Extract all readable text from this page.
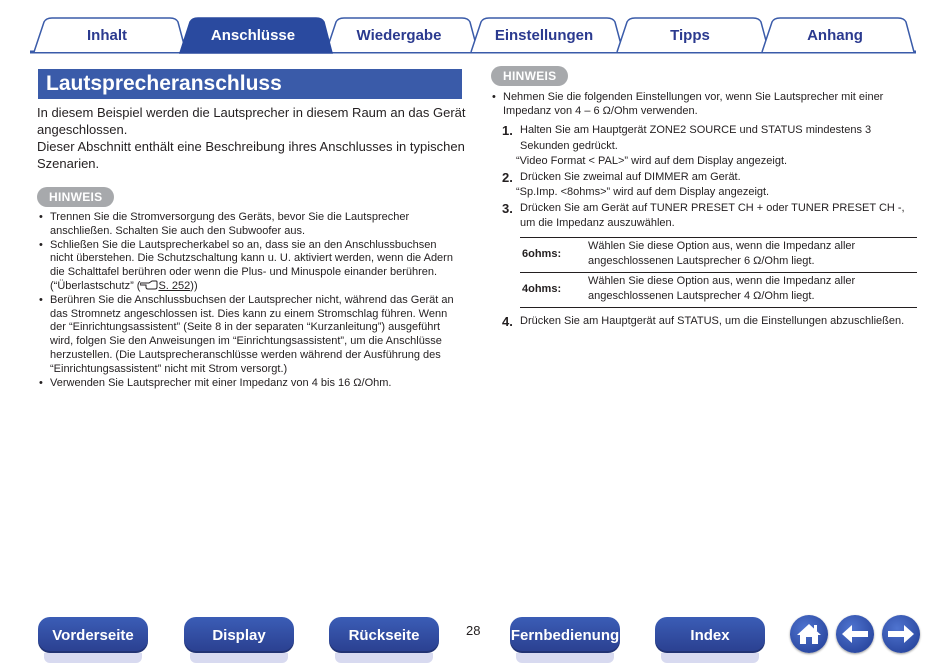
Inhalt	Anschlüsse	Wiedergabe	Einstellungen	Tipps	Anhang
Lautsprecheranschluss

In diesem Beispiel werden die Lautsprecher in diesem Raum an das Gerät angeschlossen.

Dieser Abschnitt enthält eine Beschreibung ihres Anschlusses in typischen Szenarien.

HINWEIS
• Trennen Sie die Stromversorgung des Geräts, bevor Sie die Lautsprecher anschließen. Schalten Sie auch den Subwoofer aus.
• Schließen Sie die Lautsprecherkabel so an, dass sie an den Anschlussbuchsen nicht überstehen. Die Schutzschaltung kann u. U. aktiviert werden, wenn die Adern die Schalttafel berühren oder wenn die Plus- und Minuspole einander berühren. (“Überlastschutz” ( S. 252))
• Berühren Sie die Anschlussbuchsen der Lautsprecher nicht, während das Gerät an das Stromnetz angeschlossen ist. Dies kann zu einem Stromschlag führen. Wenn der “Einrichtungsassistent” (Seite 8 in der separaten “Kurzanleitung”) ausgeführt wird, folgen Sie den Anweisungen im “Einrichtungsassistent”, um die Anschlüsse herzustellen. (Die Lautsprecheranschlüsse werden während der Ausführung des “Einrichtungsassistent” nicht mit Strom versorgt.)
• Verwenden Sie Lautsprecher mit einer Impedanz von 4 bis 16 Ω/Ohm.
HINWEIS
• Nehmen Sie die folgenden Einstellungen vor, wenn Sie Lautsprecher mit einer Impedanz von 4 – 6 Ω/Ohm verwenden.
1. Halten Sie am Hauptgerät ZONE2 SOURCE und STATUS mindestens 3 Sekunden gedrückt.
“Video Format < PAL>” wird auf dem Display angezeigt.
2. Drücken Sie zweimal auf DIMMER am Gerät.
“Sp.Imp. <8ohms>” wird auf dem Display angezeigt.
3. Drücken Sie am Gerät auf TUNER PRESET CH + oder TUNER PRESET CH -, um die Impedanz auszuwählen.
6ohms:	Wählen Sie diese Option aus, wenn die Impedanz aller angeschlossenen Lautsprecher 6 Ω/Ohm liegt.
4ohms:	Wählen Sie diese Option aus, wenn die Impedanz aller angeschlossenen Lautsprecher 4 Ω/Ohm liegt.
4. Drücken Sie am Hauptgerät auf STATUS, um die Einstellungen abzuschließen.
Vorderseite	Display	Rückseite	28 Fernbedienung	Index
